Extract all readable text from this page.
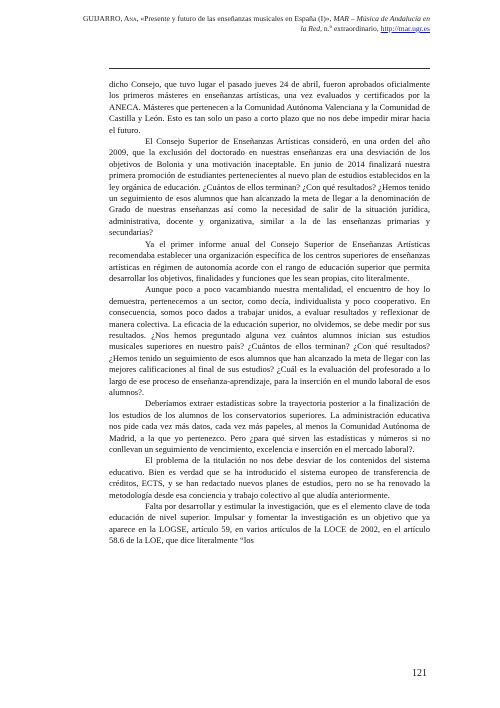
GUIJARRO, Ana, «Presente y futuro de las enseñanzas musicales en España (I)», MAR – Música de Andalucía en la Red, n.º extraordinario, http://mar.ugr.es

dicho Consejo, que tuvo lugar el pasado jueves 24 de abril, fueron aprobados oficialmente los primeros másteres en enseñanzas artísticas, una vez evaluados y certificados por la ANECA. Másteres que pertenecen a la Comunidad Autónoma Valenciana y la Comunidad de Castilla y León. Esto es tan solo un paso a corto plazo que no nos debe impedir mirar hacia el futuro.

El Consejo Superior de Enseñanzas Artísticas consideró, en una orden del año 2009, que la exclusión del doctorado en nuestras enseñanzas era una desviación de los objetivos de Bolonia y una motivación inaceptable. En junio de 2014 finalizará nuestra primera promoción de estudiantes pertenecientes al nuevo plan de estudios establecidos en la ley orgánica de educación. ¿Cuántos de ellos terminan? ¿Con qué resultados? ¿Hemos tenido un seguimiento de esos alumnos que han alcanzado la meta de llegar a la denominación de Grado de nuestras enseñanzas así como la necesidad de salir de la situación jurídica, administrativa, docente y organizativa, similar a la de las enseñanzas primarias y secundarias?

Ya el primer informe anual del Consejo Superior de Enseñanzas Artísticas recomendaba establecer una organización específica de los centros superiores de enseñanzas artísticas en régimen de autonomía acorde con el rango de educación superior que permita desarrollar los objetivos, finalidades y funciones que les sean propias, cito literalmente.

Aunque poco a poco vacambiando nuestra mentalidad, el encuentro de hoy lo demuestra, pertenecemos a un sector, como decía, individualista y poco cooperativo. En consecuencia, somos poco dados a trabajar unidos, a evaluar resultados y reflexionar de manera colectiva. La eficacia de la educación superior, no olvidemos, se debe medir por sus resultados. ¿Nos hemos preguntado alguna vez cuántos alumnos inician sus estudios musicales superiores en nuestro país? ¿Cuántos de ellos terminan? ¿Con qué resultados? ¿Hemos tenido un seguimiento de esos alumnos que han alcanzado la meta de llegar con las mejores calificaciones al final de sus estudios? ¿Cuál es la evaluación del profesorado a lo largo de ese proceso de enseñanza-aprendizaje, para la inserción en el mundo laboral de esos alumnos?.

Deberíamos extraer estadísticas sobre la trayectoria posterior a la finalización de los estudios de los alumnos de los conservatorios superiores. La administración educativa nos pide cada vez más datos, cada vez más papeles, al menos la Comunidad Autónoma de Madrid, a la que yo pertenezco. Pero ¿para qué sirven las estadísticas y números si no conllevan un seguimiento de vencimiento, excelencia e inserción en el mercado laboral?.

El problema de la titulación no nos debe desviar de los contenidos del sistema educativo. Bien es verdad que se ha introducido el sistema europeo de transferencia de créditos, ECTS, y se han redactado nuevos planes de estudios, pero no se ha renovado la metodología desde esa conciencia y trabajo colectivo al que aludía anteriormente.

Falta por desarrollar y estimular la investigación, que es el elemento clave de toda educación de nivel superior. Impulsar y fomentar la investigación es un objetivo que ya aparece en la LOGSE, artículo 59, en varios artículos de la LOCE de 2002, en el artículo 58.6 de la LOE, que dice literalmente “los

121
